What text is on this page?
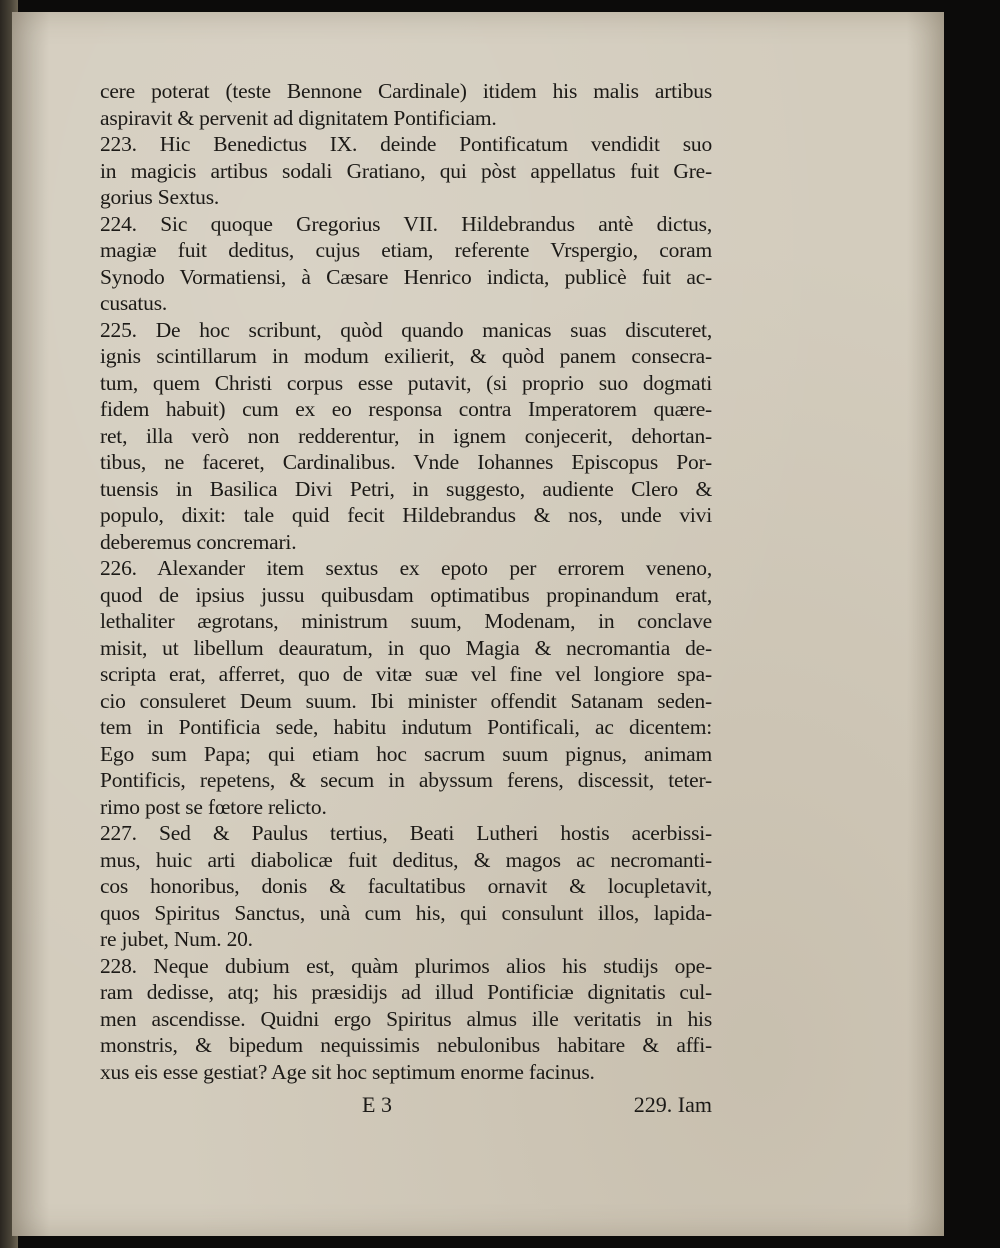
cere poterat (teste Bennone Cardinale) itidem his malis artibus
aspiravit & pervenit ad dignitatem Pontificiam.
223. Hic Benedictus IX. deinde Pontificatum vendidit suo
in magicis artibus sodali Gratiano, qui pòst appellatus fuit Gre-
gorius Sextus.
224. Sic quoque Gregorius VII. Hildebrandus antè dictus,
magiæ fuit deditus, cujus etiam, referente Vrspergio, coram
Synodo Vormatiensi, à Cæsare Henrico indicta, publicè fuit ac-
cusatus.
225. De hoc scribunt, quòd quando manicas suas discuteret,
ignis scintillarum in modum exilierit, & quòd panem consecra-
tum, quem Christi corpus esse putavit, (si proprio suo dogmati
fidem habuit) cum ex eo responsa contra Imperatorem quære-
ret, illa verò non redderentur, in ignem conjecerit, dehortan-
tibus, ne faceret, Cardinalibus. Vnde Iohannes Episcopus Por-
tuensis in Basilica Divi Petri, in suggesto, audiente Clero &
populo, dixit: tale quid fecit Hildebrandus & nos, unde vivi
deberemus concremari.
226. Alexander item sextus ex epoto per errorem veneno,
quod de ipsius jussu quibusdam optimatibus propinandum erat,
lethaliter ægrotans, ministrum suum, Modenam, in conclave
misit, ut libellum deauratum, in quo Magia & necromantia de-
scripta erat, afferret, quo de vitæ suæ vel fine vel longiore spa-
cio consuleret Deum suum. Ibi minister offendit Satanam seden-
tem in Pontificia sede, habitu indutum Pontificali, ac dicentem:
Ego sum Papa; qui etiam hoc sacrum suum pignus, animam
Pontificis, repetens, & secum in abyssum ferens, discessit, teter-
rimo post se fœtore relicto.
227. Sed & Paulus tertius, Beati Lutheri hostis acerbissi-
mus, huic arti diabolicæ fuit deditus, & magos ac necromanti-
cos honoribus, donis & facultatibus ornavit & locupletavit,
quos Spiritus Sanctus, unà cum his, qui consulunt illos, lapida-
re jubet, Num. 20.
228. Neque dubium est, quàm plurimos alios his studijs ope-
ram dedisse, atq; his præsidijs ad illud Pontificiæ dignitatis cul-
men ascendisse. Quidni ergo Spiritus almus ille veritatis in his
monstris, & bipedum nequissimis nebulonibus habitare & affi-
xus eis esse gestiat? Age sit hoc septimum enorme facinus.
E 3	229. Iam
